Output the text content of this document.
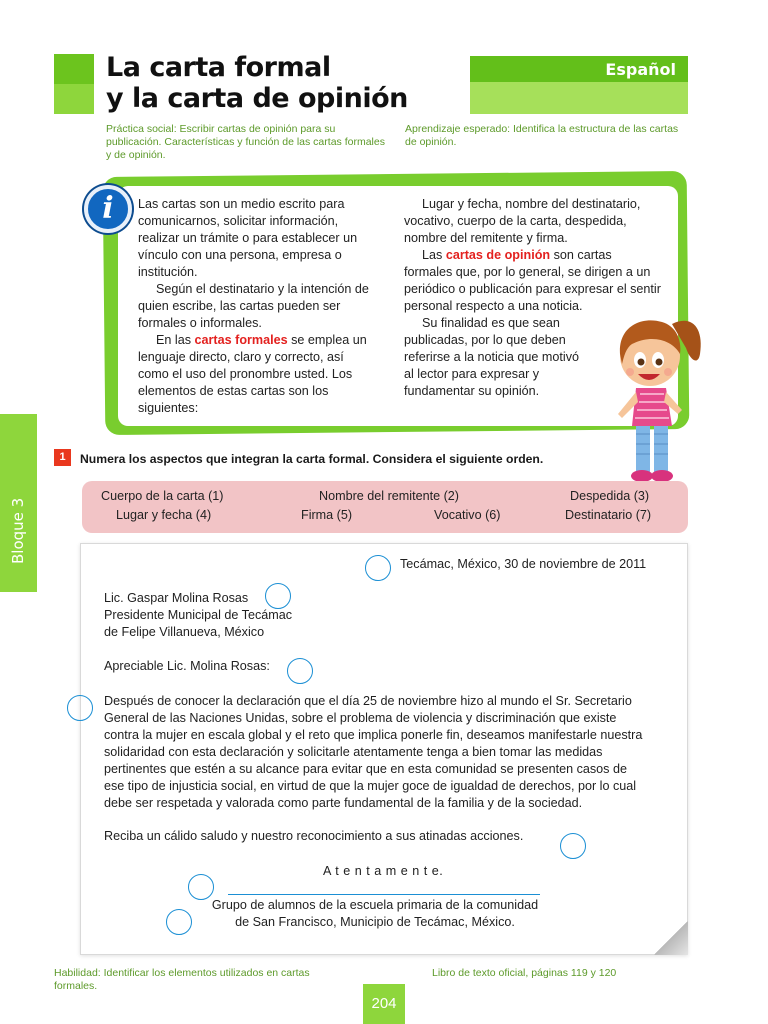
La carta formal
y la carta de opinión
Español
Práctica social: Escribir cartas de opinión para su publicación. Características y función de las cartas formales y de opinión.
Aprendizaje esperado: Identifica la estructura de las cartas de opinión.
i	Las cartas son un medio escrito para comunicarnos, solicitar información, realizar un trámite o para establecer un vínculo con una persona, empresa o institución.

Según el destinatario y la intención de quien escribe, las cartas pueden ser formales o informales.

En las cartas formales se emplea un lenguaje directo, claro y correcto, así como el uso del pronombre usted. Los elementos de estas cartas son los siguientes:

Lugar y fecha, nombre del destinatario, vocativo, cuerpo de la carta, despedida, nombre del remitente y firma.

Las cartas de opinión son cartas formales que, por lo general, se dirigen a un periódico o publicación para expresar el sentir personal respecto a una noticia.

Su finalidad es que sean publicadas, por lo que deben referirse a la noticia que motivó al lector para expresar y fundamentar su opinión.

Bloque 3
1	Numera los aspectos que integran la carta formal. Considera el siguiente orden.
Cuerpo de la carta (1)	Nombre del remitente (2)	Despedida (3)
Lugar y fecha (4)	Firma (5)	Vocativo (6)	Destinatario (7)
Tecámac, México, 30 de noviembre de 2011
Lic. Gaspar Molina Rosas
Presidente Municipal de Tecámac
de Felipe Villanueva, México
Apreciable Lic. Molina Rosas:
Después de conocer la declaración que el día 25 de noviembre hizo al mundo el Sr. Secretario
General de las Naciones Unidas, sobre el problema de violencia y discriminación que existe
contra la mujer en escala global y el reto que implica ponerle fin, deseamos manifestarle nuestra
solidaridad con esta declaración y solicitarle atentamente tenga a bien tomar las medidas
pertinentes que estén a su alcance para evitar que en esta comunidad se presenten casos de
ese tipo de injusticia social, en virtud de que la mujer goce de igualdad de derechos, por lo cual
debe ser respetada y valorada como parte fundamental de la familia y de la sociedad.
Reciba un cálido saludo y nuestro reconocimiento a sus atinadas acciones.
A t e n t a m e n t e.
Grupo de alumnos de la escuela primaria de la comunidad
de San Francisco, Municipio de Tecámac, México.
Habilidad: Identificar los elementos utilizados en cartas formales.
Libro de texto oficial, páginas 119 y 120
204
